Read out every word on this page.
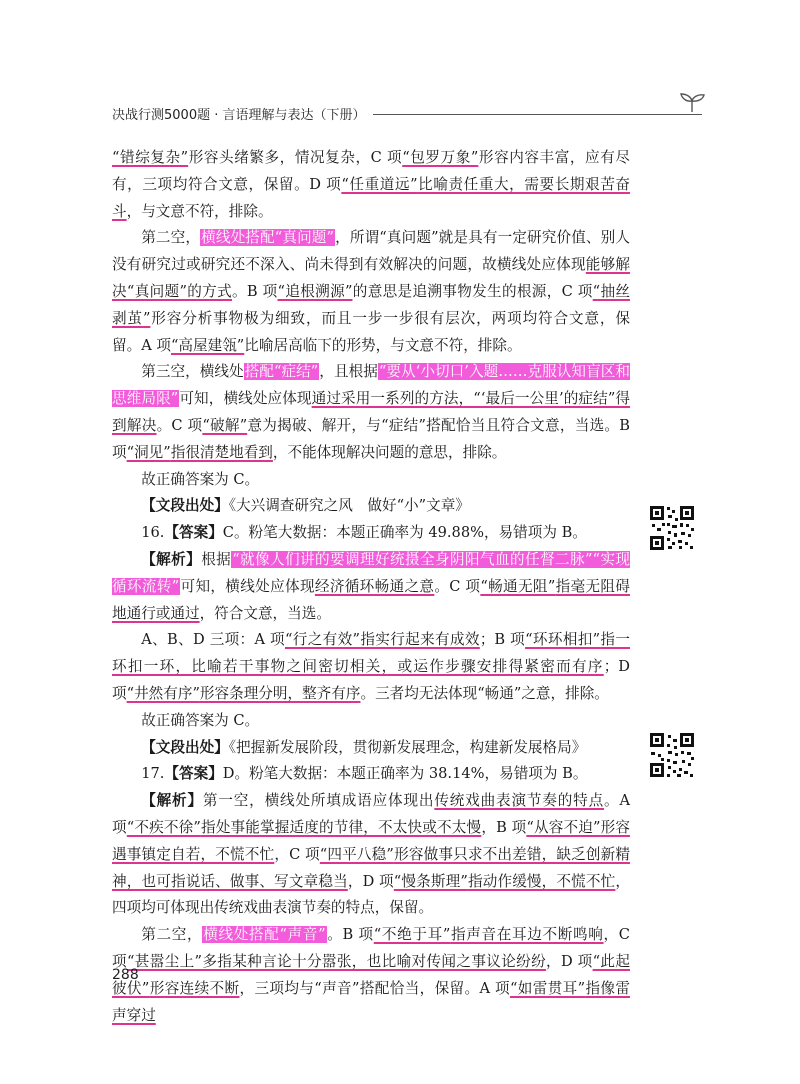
决战行测5000题 · 言语理解与表达（下册）

“错综复杂”形容头绪繁多，情况复杂，C 项“包罗万象”形容内容丰富，应有尽有，三项均符合文意，保留。D 项“任重道远”比喻责任重大，需要长期艰苦奋斗，与文意不符，排除。

第二空，横线处搭配“真问题”，所谓“真问题”就是具有一定研究价值、别人没有研究过或研究还不深入、尚未得到有效解决的问题，故横线处应体现能够解决“真问题”的方式。B 项“追根溯源”的意思是追溯事物发生的根源，C 项“抽丝剥茧”形容分析事物极为细致，而且一步一步很有层次，两项均符合文意，保留。A 项“高屋建瓴”比喻居高临下的形势，与文意不符，排除。

第三空，横线处搭配“症结”，且根据“要从‘小切口’入题……克服认知盲区和思维局限”可知，横线处应体现通过采用一系列的方法，“‘最后一公里’的症结”得到解决。C 项“破解”意为揭破、解开，与“症结”搭配恰当且符合文意，当选。B 项“洞见”指很清楚地看到，不能体现解决问题的意思，排除。

故正确答案为 C。

【文段出处】《大兴调查研究之风　做好“小”文章》

16.【答案】C。粉笔大数据：本题正确率为 49.88%，易错项为 B。

【解析】根据“就像人们讲的要调理好统摄全身阴阳气血的任督二脉”“实现循环流转”可知，横线处应体现经济循环畅通之意。C 项“畅通无阻”指毫无阻碍地通行或通过，符合文意，当选。

A、B、D 三项：A 项“行之有效”指实行起来有成效；B 项“环环相扣”指一环扣一环，比喻若干事物之间密切相关，或运作步骤安排得紧密而有序；D 项“井然有序”形容条理分明，整齐有序。三者均无法体现“畅通”之意，排除。

故正确答案为 C。

【文段出处】《把握新发展阶段，贯彻新发展理念，构建新发展格局》

17.【答案】D。粉笔大数据：本题正确率为 38.14%，易错项为 B。

【解析】第一空，横线处所填成语应体现出传统戏曲表演节奏的特点。A 项“不疾不徐”指处事能掌握适度的节律，不太快或不太慢，B 项“从容不迫”形容遇事镇定自若，不慌不忙，C 项“四平八稳”形容做事只求不出差错，缺乏创新精神，也可指说话、做事、写文章稳当，D 项“慢条斯理”指动作缓慢，不慌不忙，四项均可体现出传统戏曲表演节奏的特点，保留。

第二空，横线处搭配“声音”。B 项“不绝于耳”指声音在耳边不断鸣响，C 项“甚嚣尘上”多指某种言论十分嚣张，也比喻对传闻之事议论纷纷，D 项“此起彼伏”形容连续不断，三项均与“声音”搭配恰当，保留。A 项“如雷贯耳”指像雷声穿过

288
